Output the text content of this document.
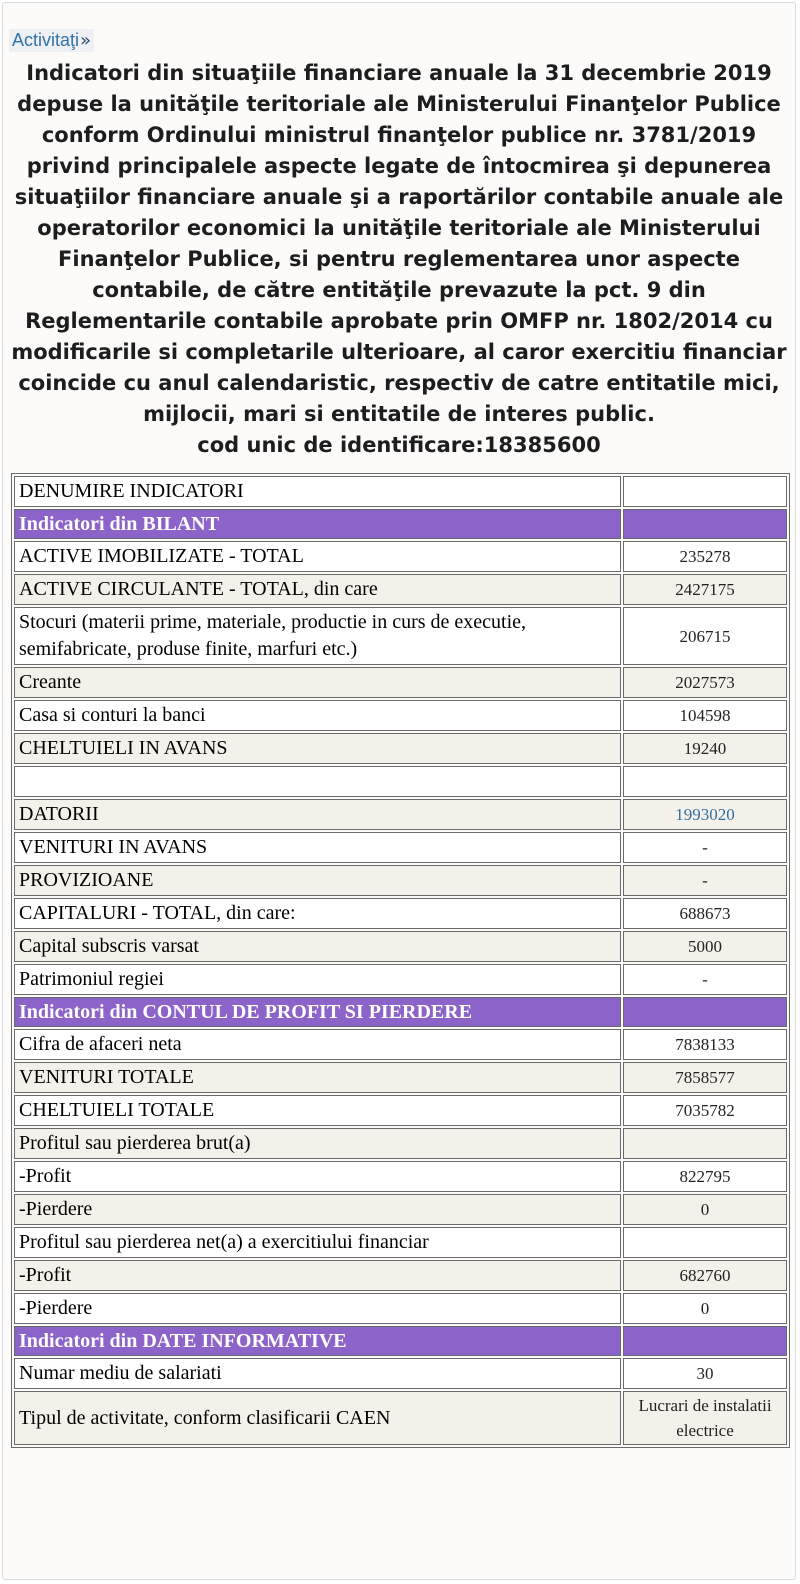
Activitaţi»
Indicatori din situaţiile financiare anuale la 31 decembrie 2019 depuse la unităţile teritoriale ale Ministerului Finanţelor Publice conform Ordinului ministrul finanţelor publice nr. 3781/2019 privind principalele aspecte legate de întocmirea şi depunerea situaţiilor financiare anuale şi a raportărilor contabile anuale ale operatorilor economici la unităţile teritoriale ale Ministerului Finanţelor Publice, si pentru reglementarea unor aspecte contabile, de către entităţile prevazute la pct. 9 din Reglementarile contabile aprobate prin OMFP nr. 1802/2014 cu modificarile si completarile ulterioare, al caror exercitiu financiar coincide cu anul calendaristic, respectiv de catre entitatile mici, mijlocii, mari si entitatile de interes public.
cod unic de identificare:18385600
DENUMIRE INDICATORI	
Indicatori din BILANT	
ACTIVE IMOBILIZATE - TOTAL	235278
ACTIVE CIRCULANTE - TOTAL, din care	2427175
Stocuri (materii prime, materiale, productie in curs de executie, semifabricate, produse finite, marfuri etc.)	206715
Creante	2027573
Casa si conturi la banci	104598
CHELTUIELI IN AVANS	19240

DATORII	1993020
VENITURI IN AVANS	-
PROVIZIOANE	-
CAPITALURI - TOTAL, din care:	688673
Capital subscris varsat	5000
Patrimoniul regiei	-
Indicatori din CONTUL DE PROFIT SI PIERDERE	
Cifra de afaceri neta	7838133
VENITURI TOTALE	7858577
CHELTUIELI TOTALE	7035782
Profitul sau pierderea brut(a)	
-Profit	822795
-Pierdere	0
Profitul sau pierderea net(a) a exercitiului financiar	
-Profit	682760
-Pierdere	0
Indicatori din DATE INFORMATIVE	
Numar mediu de salariati	30
Tipul de activitate, conform clasificarii CAEN	Lucrari de instalatii electrice
